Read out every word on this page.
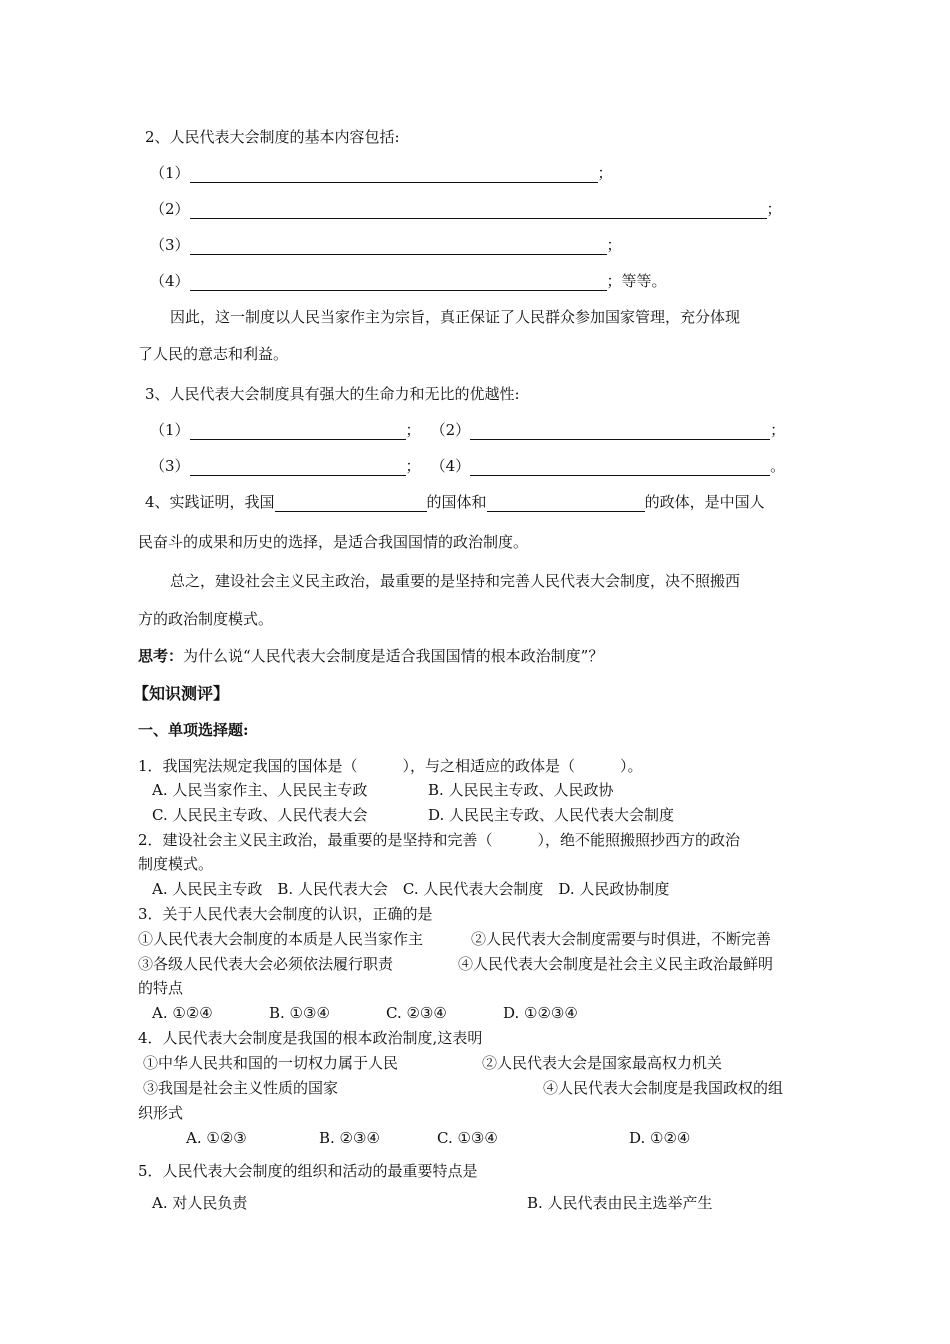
2、人民代表大会制度的基本内容包括:
（1）	；
（2）	；
（3）	；
（4）	；等等。
因此，这一制度以人民当家作主为宗旨，真正保证了人民群众参加国家管理，充分体现
了人民的意志和利益。
3、人民代表大会制度具有强大的生命力和无比的优越性:
（1）	； （2）	；
（3）	； （4）	。
4、实践证明，我国	的国体和	的政体，是中国人
民奋斗的成果和历史的选择，是适合我国国情的政治制度。
总之，建设社会主义民主政治，最重要的是坚持和完善人民代表大会制度，决不照搬西
方的政治制度模式。
思考：为什么说“人民代表大会制度是适合我国国情的根本政治制度”？
【知识测评】
一、单项选择题:
1．我国宪法规定我国的国体是（　　　），与之相适应的政体是（　　　）。
A. 人民当家作主、人民民主专政	B. 人民民主专政、人民政协
C. 人民民主专政、人民代表大会	D. 人民民主专政、人民代表大会制度
2．建设社会主义民主政治，最重要的是坚持和完善（　　　），绝不能照搬照抄西方的政治
制度模式。
A. 人民民主专政　B. 人民代表大会　C. 人民代表大会制度　D. 人民政协制度
3．关于人民代表大会制度的认识，正确的是
①人民代表大会制度的本质是人民当家作主	②人民代表大会制度需要与时俱进，不断完善
③各级人民代表大会必须依法履行职责	④人民代表大会制度是社会主义民主政治最鲜明
的特点
A. ①②④	B. ①③④	C. ②③④	D. ①②③④
4．人民代表大会制度是我国的根本政治制度,这表明
①中华人民共和国的一切权力属于人民	②人民代表大会是国家最高权力机关
③我国是社会主义性质的国家	④人民代表大会制度是我国政权的组
织形式
A. ①②③	B. ②③④	C. ①③④	D. ①②④
5．人民代表大会制度的组织和活动的最重要特点是
A. 对人民负责	B. 人民代表由民主选举产生
